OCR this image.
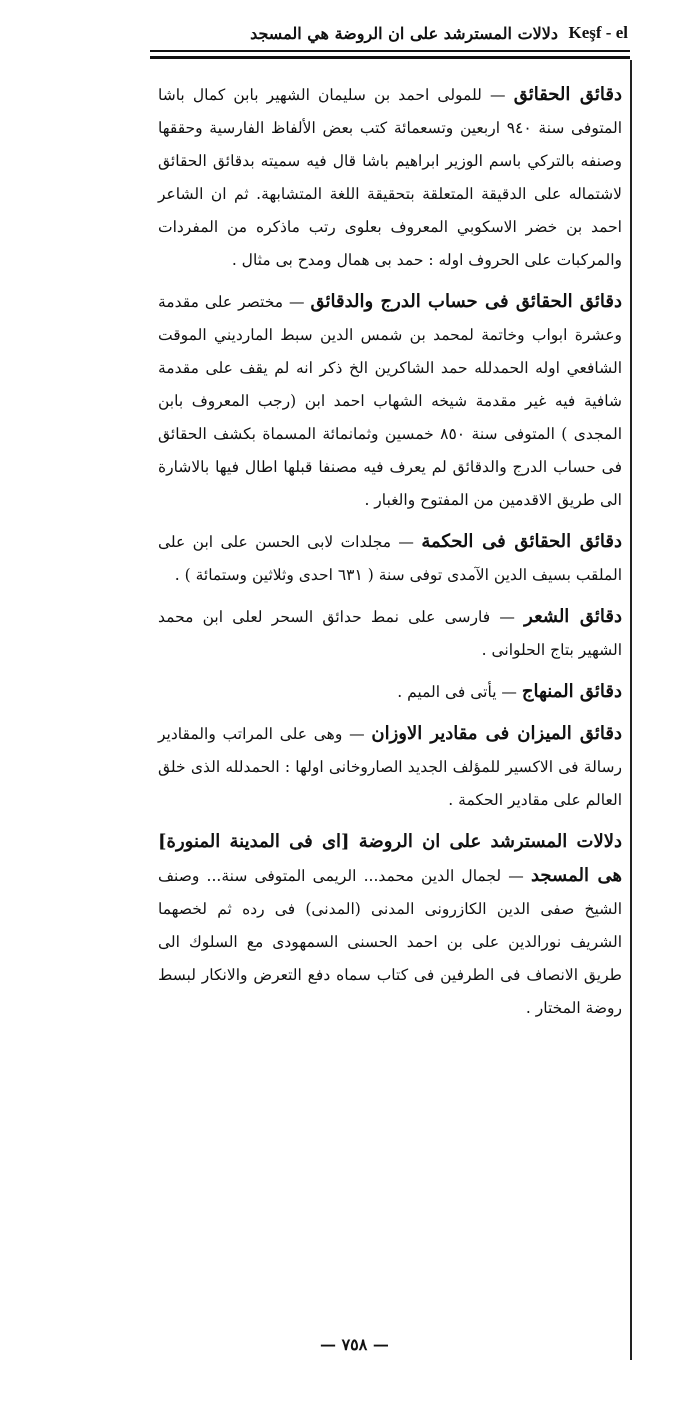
دلالات المسترشد على ان الروضة هي المسجد Keşf - el

دقائق الحقائق — للمولى احمد بن سليمان الشهير بابن كمال باشا المتوفى سنة ٩٤٠ اربعين وتسعمائة كتب بعض الألفاظ الفارسية وحققها وصنفه بالتركي باسم الوزير ابراهيم باشا قال فيه سميته بدقائق الحقائق لاشتماله على الدقيقة المتعلقة بتحقيقة اللغة المتشابهة. ثم ان الشاعر احمد بن خضر الاسكوبي المعروف بعلوى رتب ماذكره من المفردات والمركبات على الحروف اوله : حمد بى همال ومدح بى مثال .

دقائق الحقائق فى حساب الدرج والدقائق — مختصر على مقدمة وعشرة ابواب وخاتمة لمحمد بن شمس الدين سبط المارديني الموقت الشافعي اوله الحمدلله حمد الشاكرين الخ ذكر انه لم يقف على مقدمة شافية فيه غير مقدمة شيخه الشهاب احمد ابن (رجب المعروف بابن المجدى ) المتوفى سنة ٨٥٠ خمسين وثمانمائة المسماة بكشف الحقائق فى حساب الدرج والدقائق لم يعرف فيه مصنفا قبلها اطال فيها بالاشارة الى طريق الاقدمين من المفتوح والغبار .

دقائق الحقائق فى الحكمة — مجلدات لابى الحسن على ابن على الملقب بسيف الدين الآمدى توفى سنة ( ٦٣١ احدى وثلاثين وستمائة ) .

دقائق الشعر — فارسى على نمط حدائق السحر لعلى ابن محمد الشهير بتاج الحلوانى .

دقائق المنهاج — يأتى فى الميم .

دقائق الميزان فى مقادير الاوزان — وهى على المراتب والمقادير رسالة فى الاكسير للمؤلف الجديد الصاروخانى اولها : الحمدلله الذى خلق العالم على مقادير الحكمة .

دلالات المسترشد على ان الروضة [اى فى المدينة المنورة] هى المسجد — لجمال الدين محمد... الريمى المتوفى سنة... وصنف الشيخ صفى الدين الكازرونى المدنى (المدنى) فى رده ثم لخصهما الشريف نورالدين على بن احمد الحسنى السمهودى مع السلوك الى طريق الانصاف فى الطرفين فى كتاب سماه دفع التعرض والانكار لبسط روضة المختار .

— ٧٥٨ —
